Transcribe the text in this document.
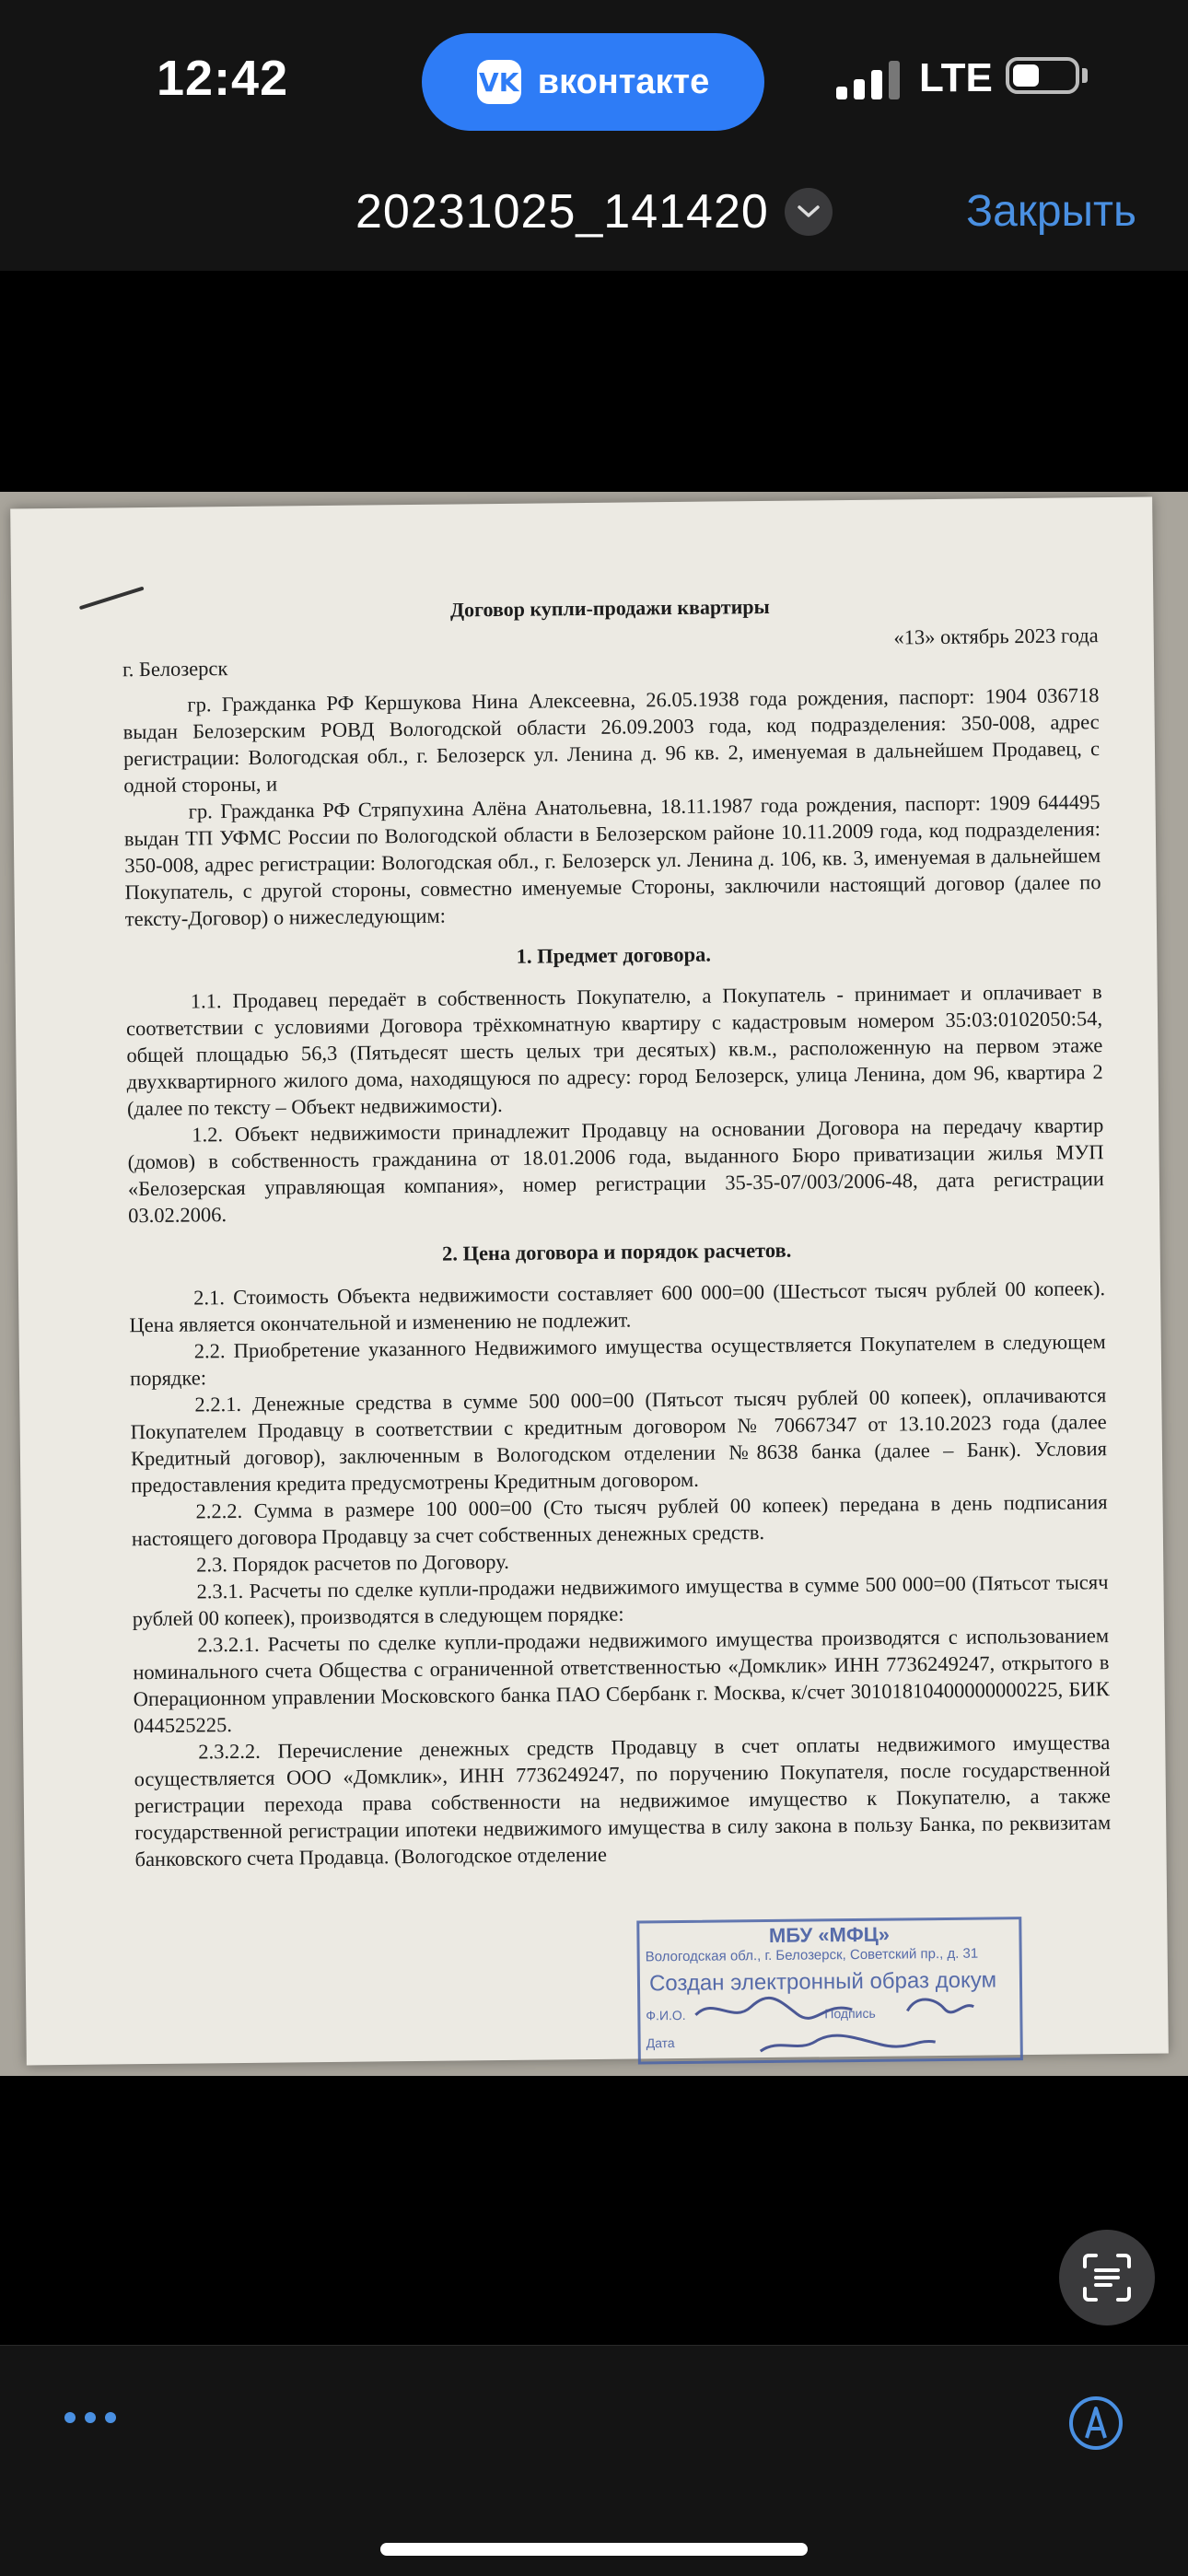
12:42	VK вконтакте	LTE
20231025_141420	Закрыть

Договор купли-продажи квартиры

г. Белозерск
«13» октябрь 2023 года

гр. Гражданка РФ Кершукова Нина Алексеевна, 26.05.1938 года рождения, паспорт: 1904 036718 выдан Белозерским РОВД Вологодской области 26.09.2003 года, код подразделения: 350-008, адрес регистрации: Вологодская обл., г. Белозерск ул. Ленина д. 96 кв. 2, именуемая в дальнейшем Продавец, с одной стороны, и

гр. Гражданка РФ Стряпухина Алёна Анатольевна, 18.11.1987 года рождения, паспорт: 1909 644495 выдан ТП УФМС России по Вологодской области в Белозерском районе 10.11.2009 года, код подразделения: 350-008, адрес регистрации: Вологодская обл., г. Белозерск ул. Ленина д. 106, кв. 3, именуемая в дальнейшем Покупатель, с другой стороны, совместно именуемые Стороны, заключили настоящий договор (далее по тексту-Договор) о нижеследующим:

1. Предмет договора.

1.1. Продавец передаёт в собственность Покупателю, а Покупатель - принимает и оплачивает в соответствии с условиями Договора трёхкомнатную квартиру с кадастровым номером 35:03:0102050:54, общей площадью 56,3 (Пятьдесят шесть целых три десятых) кв.м., расположенную на первом этаже двухквартирного жилого дома, находящуюся по адресу: город Белозерск, улица Ленина, дом 96, квартира 2 (далее по тексту – Объект недвижимости).

1.2. Объект недвижимости принадлежит Продавцу на основании Договора на передачу квартир (домов) в собственность гражданина от 18.01.2006 года, выданного Бюро приватизации жилья МУП «Белозерская управляющая компания», номер регистрации 35-35-07/003/2006-48, дата регистрации 03.02.2006.

2. Цена договора и порядок расчетов.

2.1. Стоимость Объекта недвижимости составляет 600 000=00 (Шестьсот тысяч рублей 00 копеек). Цена является окончательной и изменению не подлежит.

2.2. Приобретение указанного Недвижимого имущества осуществляется Покупателем в следующем порядке:

2.2.1. Денежные средства в сумме 500 000=00 (Пятьсот тысяч рублей 00 копеек), оплачиваются Покупателем Продавцу в соответствии с кредитным договором № 70667347 от 13.10.2023 года (далее Кредитный договор), заключенным в Вологодском отделении №8638 банка (далее – Банк). Условия предоставления кредита предусмотрены Кредитным договором.

2.2.2. Сумма в размере 100 000=00 (Сто тысяч рублей 00 копеек) передана в день подписания настоящего договора Продавцу за счет собственных денежных средств.

2.3. Порядок расчетов по Договору.

2.3.1. Расчеты по сделке купли-продажи недвижимого имущества в сумме 500 000=00 (Пятьсот тысяч рублей 00 копеек), производятся в следующем порядке:

2.3.2.1. Расчеты по сделке купли-продажи недвижимого имущества производятся с использованием номинального счета Общества с ограниченной ответственностью «Домклик» ИНН 7736249247, открытого в Операционном управлении Московского банка ПАО Сбербанк г. Москва, к/счет 30101810400000000225, БИК 044525225.

2.3.2.2. Перечисление денежных средств Продавцу в счет оплаты недвижимого имущества осуществляется ООО «Домклик», ИНН 7736249247, по поручению Покупателя, после государственной регистрации перехода права собственности на недвижимое имущество к Покупателю, а также государственной регистрации ипотеки недвижимого имущества в силу закона в пользу Банка, по реквизитам банковского счета Продавца. (Вологодское отделение

МБУ «МФЦ»
Вологодская обл., г. Белозерск, Советский пр., д. 31
Создан электронный образ докум
Ф.И.О.	Подпись
Дата
